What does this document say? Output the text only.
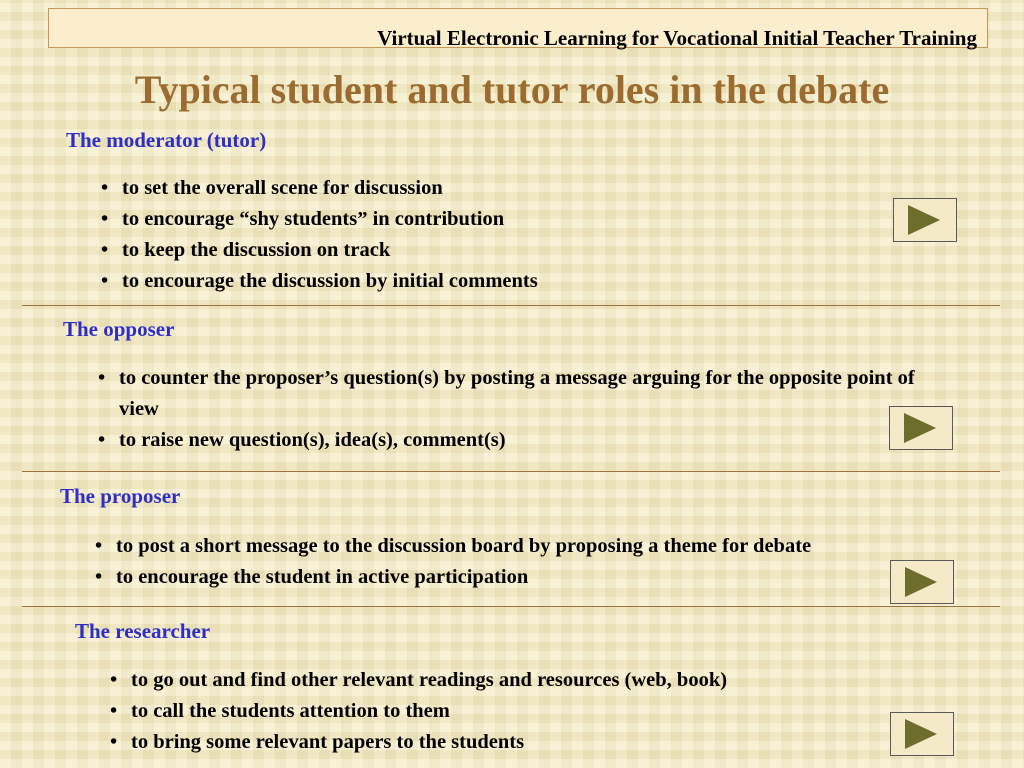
Virtual Electronic Learning for Vocational Initial Teacher Training
Typical student and tutor roles in the debate
The moderator (tutor)
• to set the overall scene for discussion
• to encourage “shy students” in contribution
• to keep the discussion on track
• to encourage the discussion by initial comments
The opposer
• to counter the proposer’s question(s) by posting a message arguing for the opposite point of view
• to raise new question(s), idea(s), comment(s)
The proposer
• to post a short message to the discussion board by proposing a theme for debate
• to encourage the student in active participation
The researcher
• to go out and find other relevant readings and resources (web, book)
• to call the students attention to them
• to bring some relevant papers to the students
